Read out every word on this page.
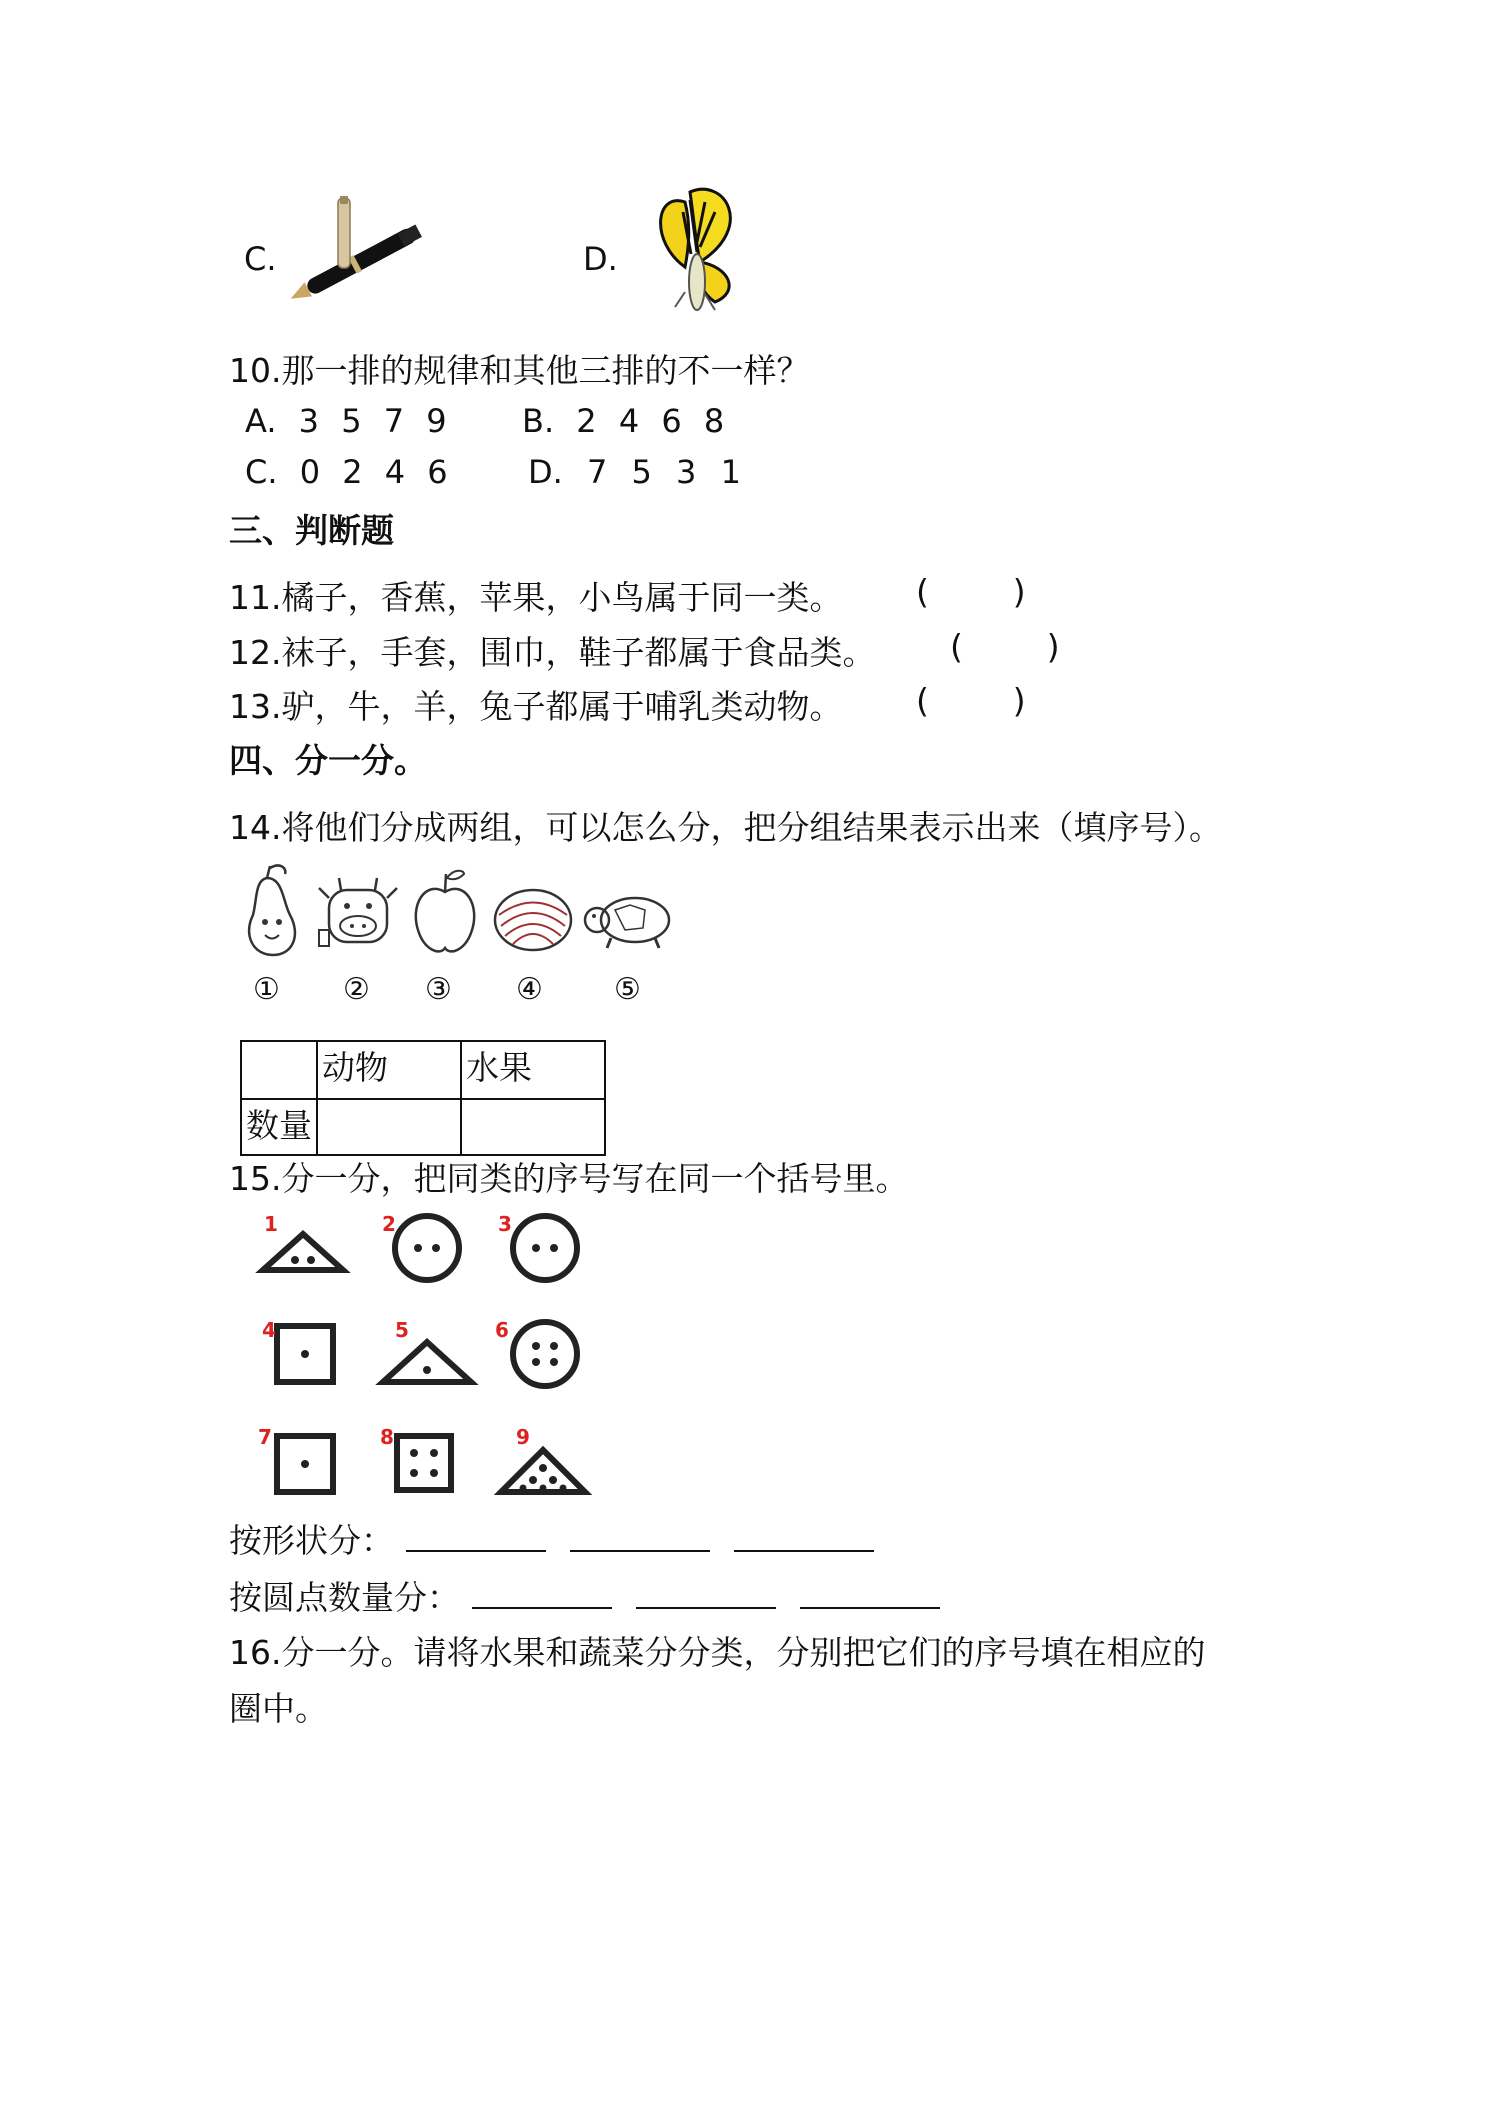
C.	D.
10.那一排的规律和其他三排的不一样？
A. 3 5 7 9 B. 2 4 6 8
C. 0 2 4 6	D. 7 5 3 1
三、判断题
11.橘子，香蕉，苹果，小鸟属于同一类。 (        )
12.袜子，手套，围巾，鞋子都属于食品类。 (        )
13.驴，牛，羊，兔子都属于哺乳类动物。 (        )
四、分一分。
14.将他们分成两组，可以怎么分，把分组结果表示出来（填序号）。
① ② ③ ④ ⑤
	动物	水果
数量		
15.分一分，把同类的序号写在同一个括号里。
1	2	3
4	5	6
7	8	9
按形状分：
按圆点数量分：
16.分一分。请将水果和蔬菜分分类，分别把它们的序号填在相应的
圈中。
